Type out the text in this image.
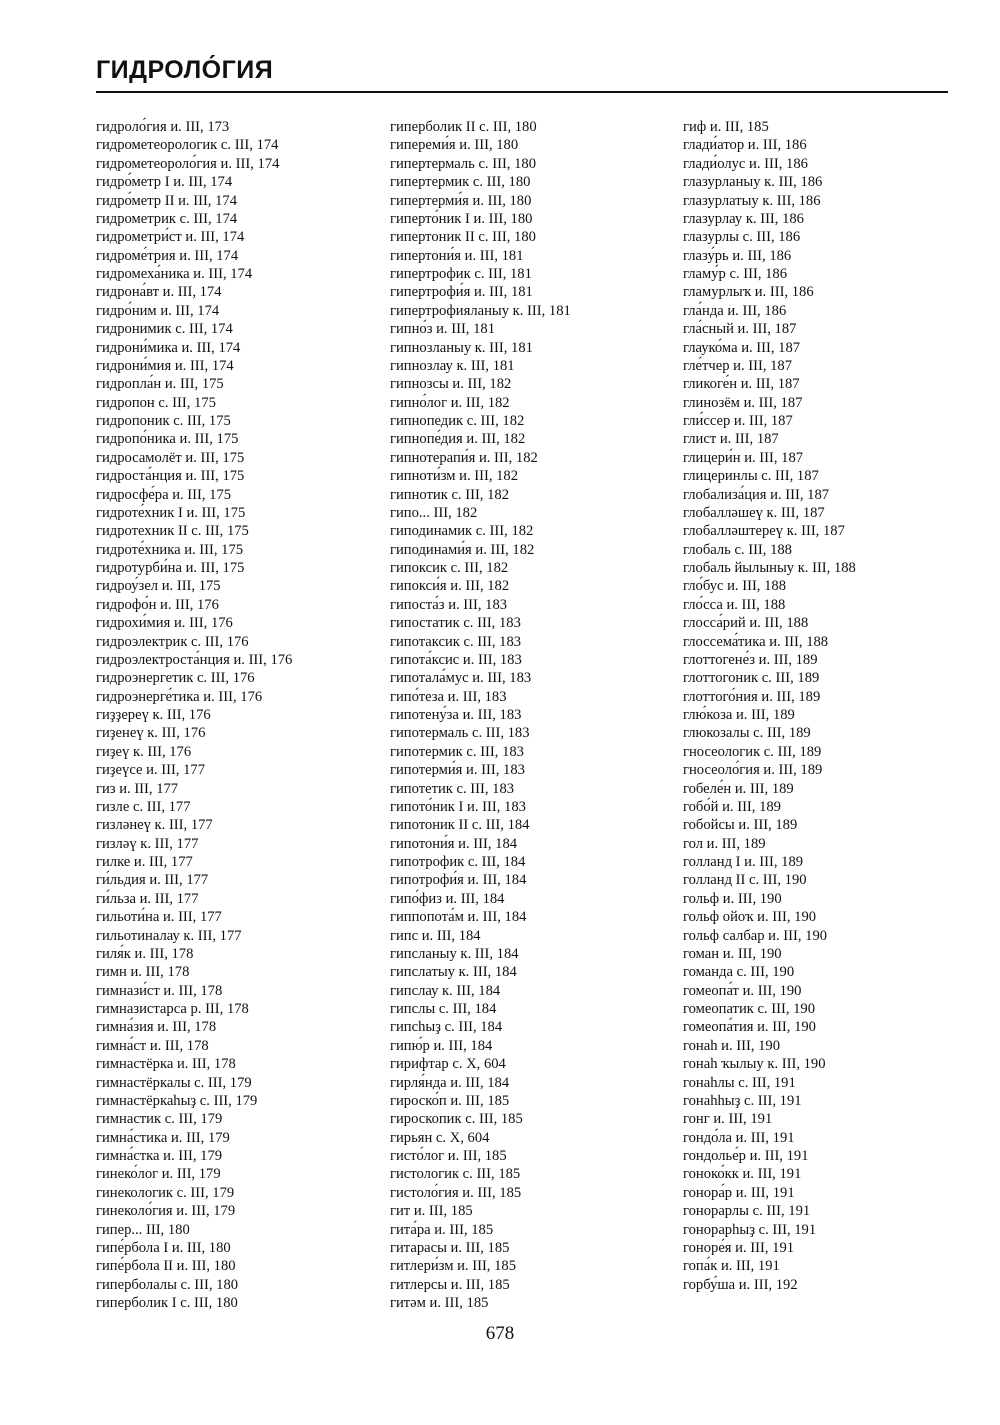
ГИДРОЛО́ГИЯ
гидроло́гия и. III, 173
гидрометеорологик с. III, 174
гидрометеороло́гия и. III, 174
гидро́метр I и. III, 174
гидро́метр II и. III, 174
гидрометрик с. III, 174
гидрометри́ст и. III, 174
гидроме́трия и. III, 174
гидромеха́ника и. III, 174
гидрона́вт и. III, 174
гидро́ним и. III, 174
гидронимик с. III, 174
гидрони́мика и. III, 174
гидрони́мия и. III, 174
гидропла́н и. III, 175
гидропон с. III, 175
гидропоник с. III, 175
гидропо́ника и. III, 175
гидросамолёт и. III, 175
гидроста́нция и. III, 175
гидросфе́ра и. III, 175
гидроте́хник I и. III, 175
гидротехник II с. III, 175
гидроте́хника и. III, 175
гидротурби́на и. III, 175
гидроу́зел и. III, 175
гидрофо́н и. III, 176
гидрохи́мия и. III, 176
гидроэлектрик с. III, 176
гидроэлектроста́нция и. III, 176
гидроэнергетик с. III, 176
гидроэнерге́тика и. III, 176
гиҙҙереү к. III, 176
гиҙенеү к. III, 176
гиҙеү к. III, 176
гиҙеүсе и. III, 177
гиз и. III, 177
гизле с. III, 177
гизләнеү к. III, 177
гизләү к. III, 177
гилке и. III, 177
ги́льдия и. III, 177
ги́льза и. III, 177
гильоти́на и. III, 177
гильотиналау к. III, 177
гиля́к и. III, 178
гимн и. III, 178
гимнази́ст и. III, 178
гимназистарса р. III, 178
гимна́зия и. III, 178
гимна́ст и. III, 178
гимнастёрка и. III, 178
гимнастёркалы с. III, 179
гимнастёркаһыҙ с. III, 179
гимнастик с. III, 179
гимна́стика и. III, 179
гимна́стка и. III, 179
гинеко́лог и. III, 179
гинекологик с. III, 179
гинеколо́гия и. III, 179
гипер... III, 180
гипе́рбола I и. III, 180
гипе́рбола II и. III, 180
гиперболалы с. III, 180
гиперболик I с. III, 180
гиперболик II с. III, 180
гипереми́я и. III, 180
гипертермаль с. III, 180
гипертермик с. III, 180
гипертерми́я и. III, 180
гиперто́ник I и. III, 180
гипертоник II с. III, 180
гипертони́я и. III, 181
гипертрофик с. III, 181
гипертрофи́я и. III, 181
гипертрофияланыу к. III, 181
гипно́з и. III, 181
гипнозланыу к. III, 181
гипнозлау к. III, 181
гипнозсы и. III, 182
гипно́лог и. III, 182
гипнопедик с. III, 182
гипнопе́дия и. III, 182
гипнотерапи́я и. III, 182
гипноти́зм и. III, 182
гипнотик с. III, 182
гипо... III, 182
гиподинамик с. III, 182
гиподинами́я и. III, 182
гипоксик с. III, 182
гипокси́я и. III, 182
гипоста́з и. III, 183
гипостатик с. III, 183
гипотаксик с. III, 183
гипота́ксис и. III, 183
гипотала́мус и. III, 183
гипо́теза и. III, 183
гипотену́за и. III, 183
гипотермаль с. III, 183
гипотермик с. III, 183
гипотерми́я и. III, 183
гипотетик с. III, 183
гипото́ник I и. III, 183
гипотоник II с. III, 184
гипотони́я и. III, 184
гипотрофик с. III, 184
гипотрофи́я и. III, 184
гипо́физ и. III, 184
гиппопота́м и. III, 184
гипс и. III, 184
гипсланыу к. III, 184
гипслатыу к. III, 184
гипслау к. III, 184
гипслы с. III, 184
гипсһыҙ с. III, 184
гипю́р и. III, 184
гирифтар с. X, 604
гирля́нда и. III, 184
гироско́п и. III, 185
гироскопик с. III, 185
гирьян с. X, 604
гисто́лог и. III, 185
гистологик с. III, 185
гистоло́гия и. III, 185
гит и. III, 185
гита́ра и. III, 185
гитарасы и. III, 185
гитлери́зм и. III, 185
гитлерсы и. III, 185
гитәм и. III, 185
гиф и. III, 185
глади́атор и. III, 186
глади́олус и. III, 186
глазурланыу к. III, 186
глазурлатыу к. III, 186
глазурлау к. III, 186
глазурлы с. III, 186
глазу́рь и. III, 186
гламу́р с. III, 186
гламурлыҡ и. III, 186
гла́нда и. III, 186
гла́сный и. III, 187
глауко́ма и. III, 187
гле́тчер и. III, 187
гликоге́н и. III, 187
глинозём и. III, 187
гли́ссер и. III, 187
глист и. III, 187
глицери́н и. III, 187
глицеринлы с. III, 187
глобализа́ция и. III, 187
глобалләшеү к. III, 187
глобалләштереү к. III, 187
глобаль с. III, 188
глобаль йылыныу к. III, 188
гло́бус и. III, 188
гло́сса и. III, 188
глосса́рий и. III, 188
глоссема́тика и. III, 188
глоттогене́з и. III, 189
глоттогоник с. III, 189
глоттого́ния и. III, 189
глю́коза и. III, 189
глюкозалы с. III, 189
гносеологик с. III, 189
гносеоло́гия и. III, 189
гобеле́н и. III, 189
гобо́й и. III, 189
гобойсы и. III, 189
гол и. III, 189
голланд I и. III, 189
голланд II с. III, 190
гольф и. III, 190
гольф ойоҡ и. III, 190
гольф салбар и. III, 190
гоман и. III, 190
гоманда с. III, 190
гомеопа́т и. III, 190
гомеопатик с. III, 190
гомеопа́тия и. III, 190
гонаһ и. III, 190
гонаһ ҡылыу к. III, 190
гонаһлы с. III, 191
гонаһһыҙ с. III, 191
гонг и. III, 191
гондо́ла и. III, 191
гондолье́р и. III, 191
гоноко́кк и. III, 191
гонора́р и. III, 191
гонорарлы с. III, 191
гонорарһыҙ с. III, 191
гоноре́я и. III, 191
гопа́к и. III, 191
горбу́ша и. III, 192
678
